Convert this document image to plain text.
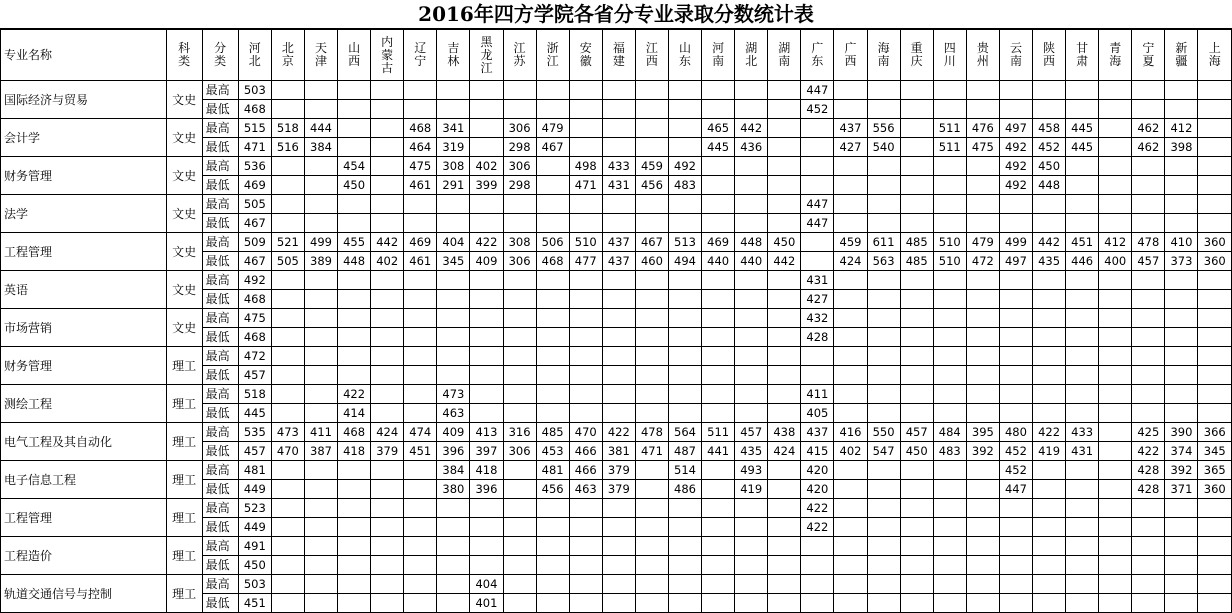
2016年四方学院各省分专业录取分数统计表
专业名称	科类	分类	河北	北京	天津	山西	内蒙古	辽宁	吉林	黑龙江	江苏	浙江	安徽	福建	江西	山东	河南	湖北	湖南	广东	广西	海南	重庆	四川	贵州	云南	陕西	甘肃	青海	宁夏	新疆	上海

国际经济与贸易	文史	最高	503																	447												
		最低	468																	452												
会计学	文史	最高	515	518	444			468	341		306	479					465	442			437	556		511	476	497	458	445		462	412	
		最低	471	516	384			464	319		298	467					445	436			427	540		511	475	492	452	445		462	398	
财务管理	文史	最高	536			454		475	308	402	306		498	433	459	492										492	450					
		最低	469			450		461	291	399	298		471	431	456	483										492	448					
法学	文史	最高	505																	447												
		最低	467																	447												
工程管理	文史	最高	509	521	499	455	442	469	404	422	308	506	510	437	467	513	469	448	450		459	611	485	510	479	499	442	451	412	478	410	360
		最低	467	505	389	448	402	461	345	409	306	468	477	437	460	494	440	440	442		424	563	485	510	472	497	435	446	400	457	373	360
英语	文史	最高	492																	431												
		最低	468																	427												
市场营销	文史	最高	475																	432												
		最低	468																	428												
财务管理	理工	最高	472																													
		最低	457																													
测绘工程	理工	最高	518			422			473											411												
		最低	445			414			463											405												
电气工程及其自动化	理工	最高	535	473	411	468	424	474	409	413	316	485	470	422	478	564	511	457	438	437	416	550	457	484	395	480	422	433		425	390	366
		最低	457	470	387	418	379	451	396	397	306	453	466	381	471	487	441	435	424	415	402	547	450	483	392	452	419	431		422	374	345
电子信息工程	理工	最高	481						384	418		481	466	379		514		493		420						452				428	392	365
		最低	449						380	396		456	463	379		486		419		420						447				428	371	360
工程管理	理工	最高	523																	422												
		最低	449																	422												
工程造价	理工	最高	491																													
		最低	450																													
轨道交通信号与控制	理工	最高	503							404																						
		最低	451							401																						
